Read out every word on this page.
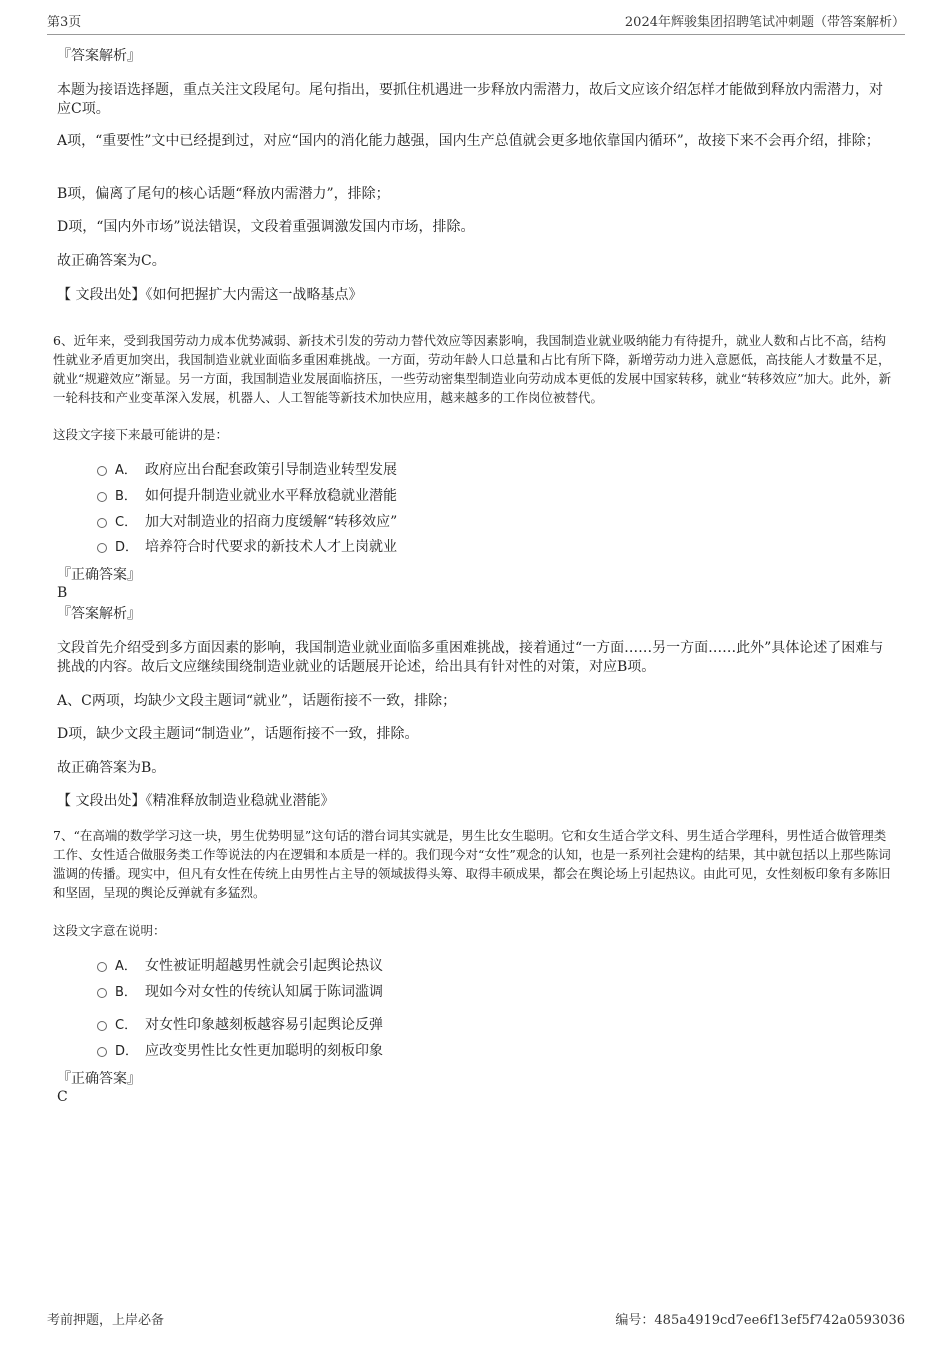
第3页	2024年辉骏集团招聘笔试冲刺题（带答案解析）
『答案解析』
本题为接语选择题，重点关注文段尾句。尾句指出，要抓住机遇进一步释放内需潜力，故后文应该介绍怎样才能做到释放内需潜力，对应C项。
A项，“重要性”文中已经提到过，对应“国内的消化能力越强，国内生产总值就会更多地依靠国内循环”，故接下来不会再介绍，排除；
B项，偏离了尾句的核心话题“释放内需潜力”，排除；
D项，“国内外市场”说法错误，文段着重强调激发国内市场，排除。
故正确答案为C。
【 文段出处】《如何把握扩大内需这一战略基点》
6、近年来，受到我国劳动力成本优势减弱、新技术引发的劳动力替代效应等因素影响，我国制造业就业吸纳能力有待提升，就业人数和占比不高，结构性就业矛盾更加突出，我国制造业就业面临多重困难挑战。一方面，劳动年龄人口总量和占比有所下降，新增劳动力进入意愿低，高技能人才数量不足，就业“规避效应”渐显。另一方面，我国制造业发展面临挤压，一些劳动密集型制造业向劳动成本更低的发展中国家转移，就业“转移效应”加大。此外，新一轮科技和产业变革深入发展，机器人、人工智能等新技术加快应用，越来越多的工作岗位被替代。
这段文字接下来最可能讲的是：
A． 政府应出台配套政策引导制造业转型发展
B． 如何提升制造业就业水平释放稳就业潜能
C． 加大对制造业的招商力度缓解“转移效应”
D． 培养符合时代要求的新技术人才上岗就业
『正确答案』
B
『答案解析』
文段首先介绍受到多方面因素的影响，我国制造业就业面临多重困难挑战，接着通过“一方面……另一方面……此外”具体论述了困难与挑战的内容。故后文应继续围绕制造业就业的话题展开论述，给出具有针对性的对策，对应B项。
A、C两项，均缺少文段主题词“就业”，话题衔接不一致，排除；
D项，缺少文段主题词“制造业”，话题衔接不一致，排除。
故正确答案为B。
【 文段出处】《精准释放制造业稳就业潜能》
7、“在高端的数学学习这一块，男生优势明显”这句话的潜台词其实就是，男生比女生聪明。它和女生适合学文科、男生适合学理科，男性适合做管理类工作、女性适合做服务类工作等说法的内在逻辑和本质是一样的。我们现今对“女性”观念的认知，也是一系列社会建构的结果，其中就包括以上那些陈词滥调的传播。现实中，但凡有女性在传统上由男性占主导的领域拔得头筹、取得丰硕成果，都会在舆论场上引起热议。由此可见，女性刻板印象有多陈旧和坚固，呈现的舆论反弹就有多猛烈。
这段文字意在说明：
A． 女性被证明超越男性就会引起舆论热议
B． 现如今对女性的传统认知属于陈词滥调
C． 对女性印象越刻板越容易引起舆论反弹
D． 应改变男性比女性更加聪明的刻板印象
『正确答案』
C
考前押题，上岸必备	编号：485a4919cd7ee6f13ef5f742a0593036
